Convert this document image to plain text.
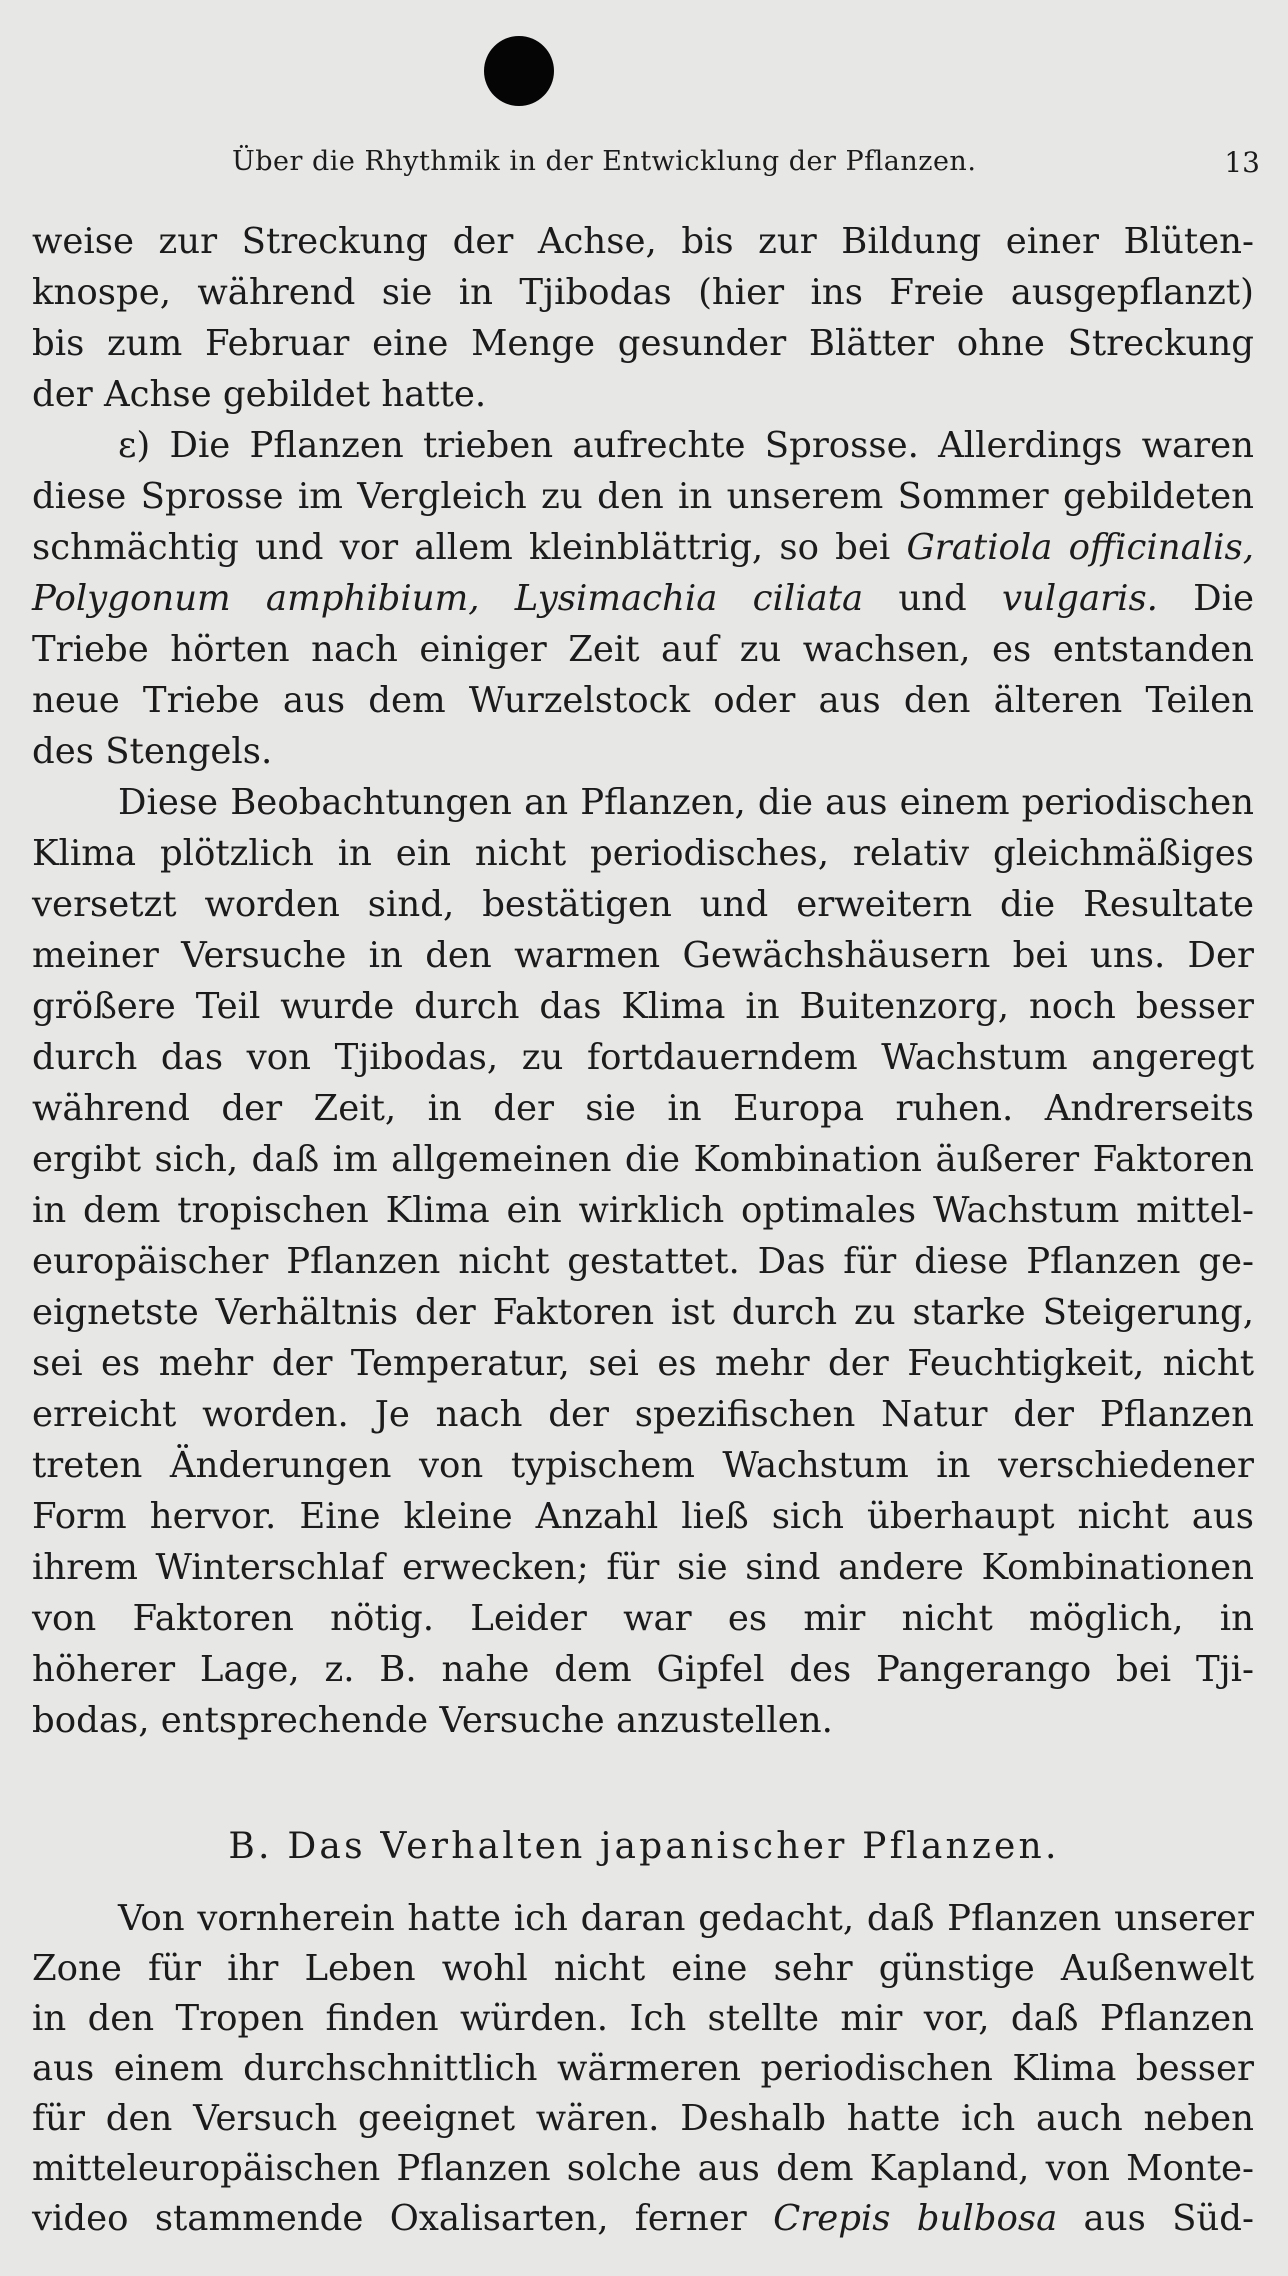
Über die Rhythmik in der Entwicklung der Pflanzen.	13

weise zur Streckung der Achse, bis zur Bildung einer Blüten-
knospe, während sie in Tjibodas (hier ins Freie ausgepflanzt)
bis zum Februar eine Menge gesunder Blätter ohne Streckung
der Achse gebildet hatte.

ε) Die Pflanzen trieben aufrechte Sprosse. Allerdings waren
diese Sprosse im Vergleich zu den in unserem Sommer gebildeten
schmächtig und vor allem kleinblättrig, so bei Gratiola officinalis,
Polygonum amphibium, Lysimachia ciliata und vulgaris. Die
Triebe hörten nach einiger Zeit auf zu wachsen, es entstanden
neue Triebe aus dem Wurzelstock oder aus den älteren Teilen
des Stengels.

Diese Beobachtungen an Pflanzen, die aus einem periodischen
Klima plötzlich in ein nicht periodisches, relativ gleichmäßiges
versetzt worden sind, bestätigen und erweitern die Resultate
meiner Versuche in den warmen Gewächshäusern bei uns. Der
größere Teil wurde durch das Klima in Buitenzorg, noch besser
durch das von Tjibodas, zu fortdauerndem Wachstum angeregt
während der Zeit, in der sie in Europa ruhen. Andrerseits
ergibt sich, daß im allgemeinen die Kombination äußerer Faktoren
in dem tropischen Klima ein wirklich optimales Wachstum mittel-
europäischer Pflanzen nicht gestattet. Das für diese Pflanzen ge-
eignetste Verhältnis der Faktoren ist durch zu starke Steigerung,
sei es mehr der Temperatur, sei es mehr der Feuchtigkeit, nicht
erreicht worden. Je nach der spezifischen Natur der Pflanzen
treten Änderungen von typischem Wachstum in verschiedener
Form hervor. Eine kleine Anzahl ließ sich überhaupt nicht aus
ihrem Winterschlaf erwecken; für sie sind andere Kombinationen
von Faktoren nötig. Leider war es mir nicht möglich, in
höherer Lage, z. B. nahe dem Gipfel des Pangerango bei Tji-
bodas, entsprechende Versuche anzustellen.

B. Das Verhalten japanischer Pflanzen.

Von vornherein hatte ich daran gedacht, daß Pflanzen unserer
Zone für ihr Leben wohl nicht eine sehr günstige Außenwelt
in den Tropen finden würden. Ich stellte mir vor, daß Pflanzen
aus einem durchschnittlich wärmeren periodischen Klima besser
für den Versuch geeignet wären. Deshalb hatte ich auch neben
mitteleuropäischen Pflanzen solche aus dem Kapland, von Monte-
video stammende Oxalisarten, ferner Crepis bulbosa aus Süd-
